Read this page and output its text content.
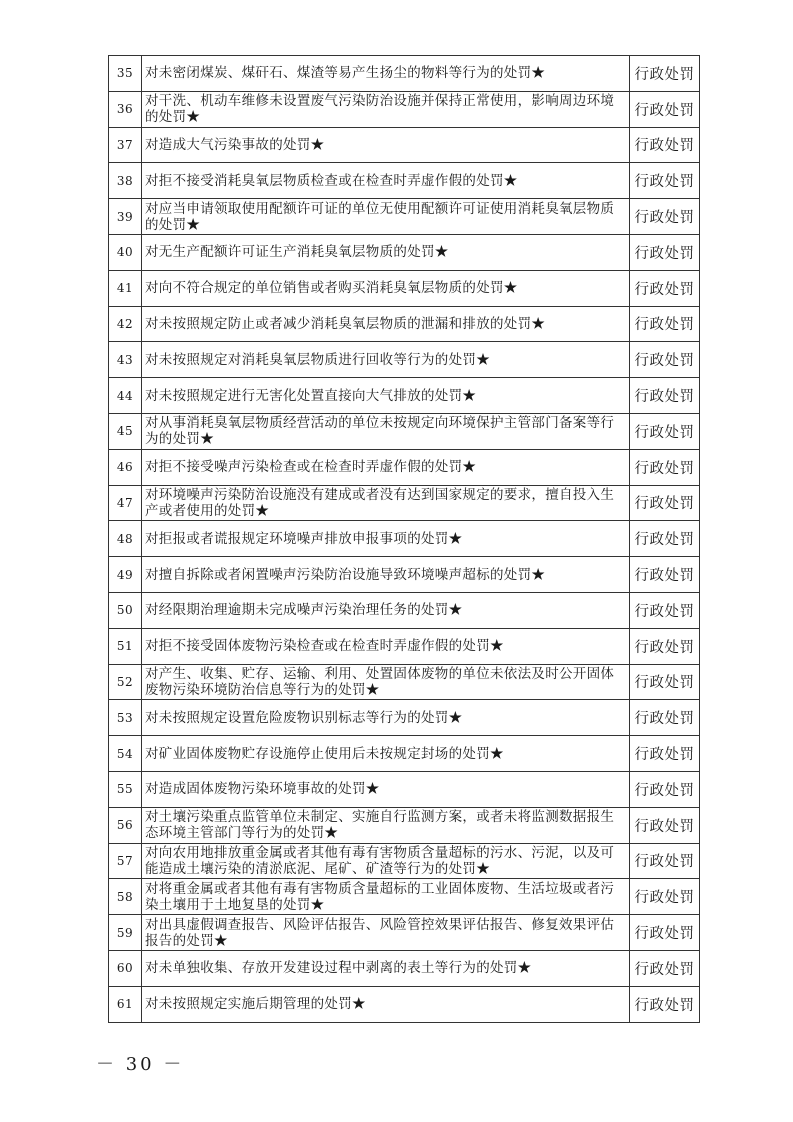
35	对未密闭煤炭、煤矸石、煤渣等易产生扬尘的物料等行为的处罚★	行政处罚
36	对干洗、机动车维修未设置废气污染防治设施并保持正常使用，影响周边环境的处罚★	行政处罚
37	对造成大气污染事故的处罚★	行政处罚
38	对拒不接受消耗臭氧层物质检查或在检查时弄虚作假的处罚★	行政处罚
39	对应当申请领取使用配额许可证的单位无使用配额许可证使用消耗臭氧层物质的处罚★	行政处罚
40	对无生产配额许可证生产消耗臭氧层物质的处罚★	行政处罚
41	对向不符合规定的单位销售或者购买消耗臭氧层物质的处罚★	行政处罚
42	对未按照规定防止或者减少消耗臭氧层物质的泄漏和排放的处罚★	行政处罚
43	对未按照规定对消耗臭氧层物质进行回收等行为的处罚★	行政处罚
44	对未按照规定进行无害化处置直接向大气排放的处罚★	行政处罚
45	对从事消耗臭氧层物质经营活动的单位未按规定向环境保护主管部门备案等行为的处罚★	行政处罚
46	对拒不接受噪声污染检查或在检查时弄虚作假的处罚★	行政处罚
47	对环境噪声污染防治设施没有建成或者没有达到国家规定的要求，擅自投入生产或者使用的处罚★	行政处罚
48	对拒报或者谎报规定环境噪声排放申报事项的处罚★	行政处罚
49	对擅自拆除或者闲置噪声污染防治设施导致环境噪声超标的处罚★	行政处罚
50	对经限期治理逾期未完成噪声污染治理任务的处罚★	行政处罚
51	对拒不接受固体废物污染检查或在检查时弄虚作假的处罚★	行政处罚
52	对产生、收集、贮存、运输、利用、处置固体废物的单位未依法及时公开固体废物污染环境防治信息等行为的处罚★	行政处罚
53	对未按照规定设置危险废物识别标志等行为的处罚★	行政处罚
54	对矿业固体废物贮存设施停止使用后未按规定封场的处罚★	行政处罚
55	对造成固体废物污染环境事故的处罚★	行政处罚
56	对土壤污染重点监管单位未制定、实施自行监测方案，或者未将监测数据报生态环境主管部门等行为的处罚★	行政处罚
57	对向农用地排放重金属或者其他有毒有害物质含量超标的污水、污泥，以及可能造成土壤污染的清淤底泥、尾矿、矿渣等行为的处罚★	行政处罚
58	对将重金属或者其他有毒有害物质含量超标的工业固体废物、生活垃圾或者污染土壤用于土地复垦的处罚★	行政处罚
59	对出具虚假调查报告、风险评估报告、风险管控效果评估报告、修复效果评估报告的处罚★	行政处罚
60	对未单独收集、存放开发建设过程中剥离的表土等行为的处罚★	行政处罚
61	对未按照规定实施后期管理的处罚★	行政处罚
－ 30 －
